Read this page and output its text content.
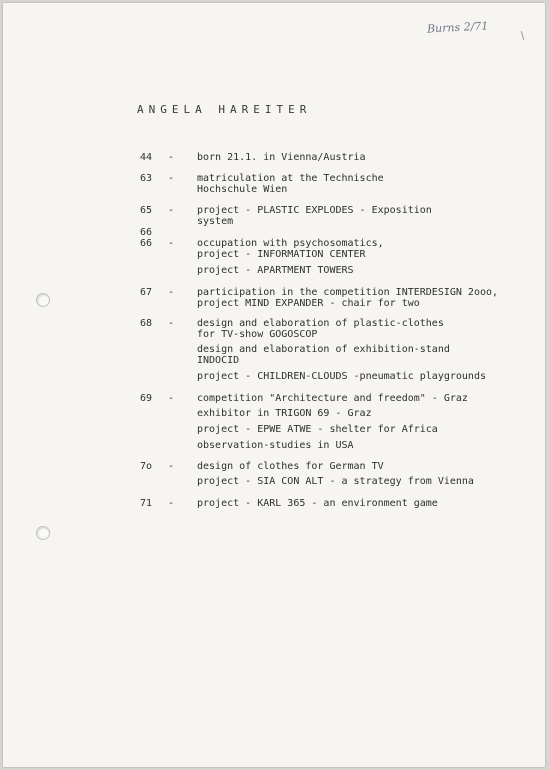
Burns 2/71
ANGELA HAREITER

44

-

born 21.1. in Vienna/Austria

63

-

matriculation at the Technische

Hochschule Wien

65

-

project - PLASTIC EXPLODES - Exposition

system

66

66

-

occupation with psychosomatics,

project - INFORMATION CENTER

project - APARTMENT TOWERS

67

-

participation in the competition INTERDESIGN 2ooo,

project MIND EXPANDER - chair for two

68

-

design and elaboration of plastic-clothes

for TV-show GOGOSCOP

design and elaboration of exhibition-stand

INDOCID

project - CHILDREN-CLOUDS -pneumatic playgrounds

69

-

competition "Architecture and freedom" - Graz

exhibitor in TRIGON 69 - Graz

project - EPWE ATWE - shelter for Africa

observation-studies in USA

7o

-

design of clothes for German TV

project - SIA CON ALT - a strategy from Vienna

71

-

project - KARL 365 - an environment game
